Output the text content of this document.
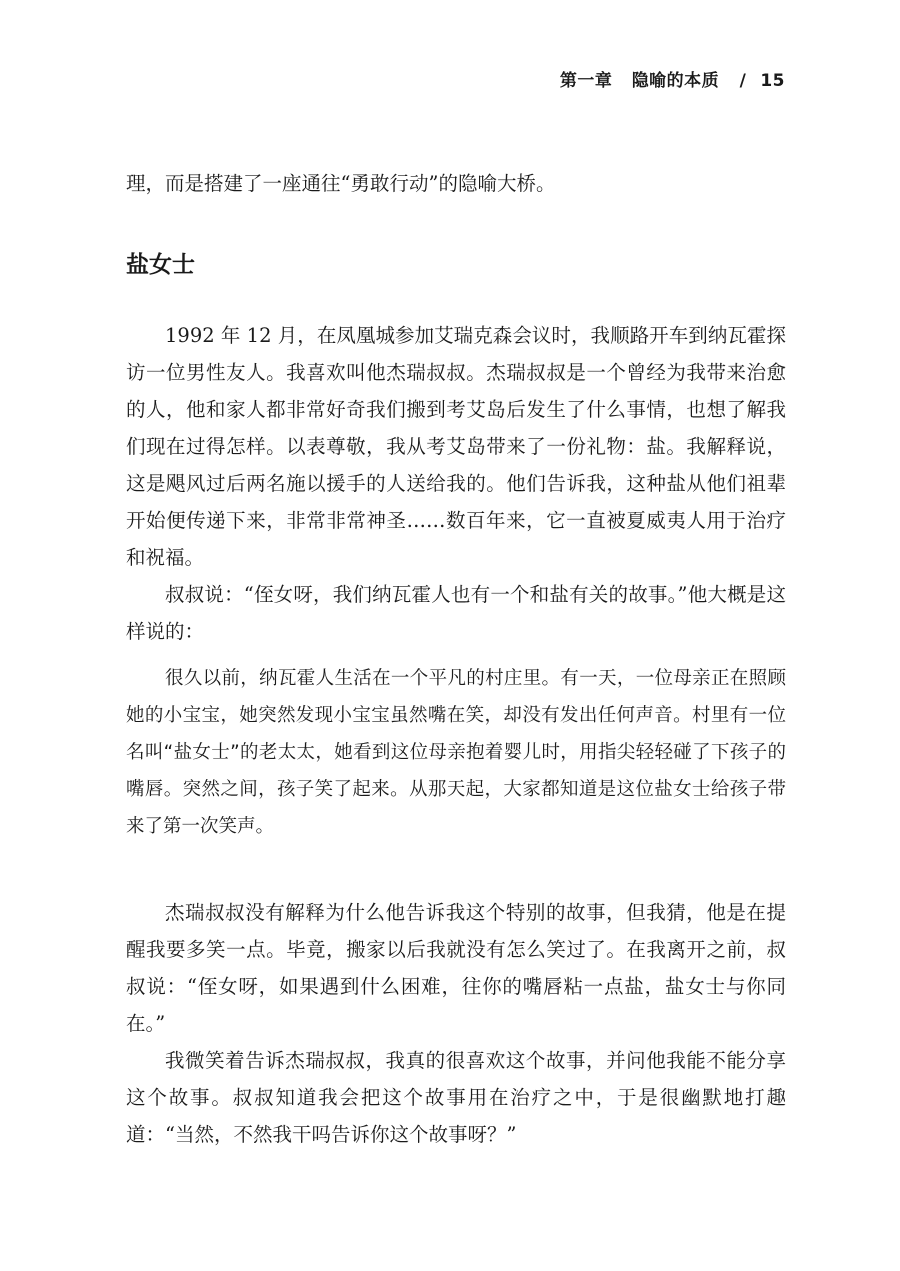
第一章 隐喻的本质 / 15

理，而是搭建了一座通往“勇敢行动”的隐喻大桥。

盐女士

1992 年 12 月，在凤凰城参加艾瑞克森会议时，我顺路开车到纳瓦霍探访一位男性友人。我喜欢叫他杰瑞叔叔。杰瑞叔叔是一个曾经为我带来治愈的人，他和家人都非常好奇我们搬到考艾岛后发生了什么事情，也想了解我们现在过得怎样。以表尊敬，我从考艾岛带来了一份礼物：盐。我解释说，这是飓风过后两名施以援手的人送给我的。他们告诉我，这种盐从他们祖辈开始便传递下来，非常非常神圣……数百年来，它一直被夏威夷人用于治疗和祝福。

叔叔说：“侄女呀，我们纳瓦霍人也有一个和盐有关的故事。”他大概是这样说的：

很久以前，纳瓦霍人生活在一个平凡的村庄里。有一天，一位母亲正在照顾她的小宝宝，她突然发现小宝宝虽然嘴在笑，却没有发出任何声音。村里有一位名叫“盐女士”的老太太，她看到这位母亲抱着婴儿时，用指尖轻轻碰了下孩子的嘴唇。突然之间，孩子笑了起来。从那天起，大家都知道是这位盐女士给孩子带来了第一次笑声。

杰瑞叔叔没有解释为什么他告诉我这个特别的故事，但我猜，他是在提醒我要多笑一点。毕竟，搬家以后我就没有怎么笑过了。在我离开之前，叔叔说：“侄女呀，如果遇到什么困难，往你的嘴唇粘一点盐，盐女士与你同在。”

我微笑着告诉杰瑞叔叔，我真的很喜欢这个故事，并问他我能不能分享这个故事。叔叔知道我会把这个故事用在治疗之中，于是很幽默地打趣道：“当然，不然我干吗告诉你这个故事呀？”
